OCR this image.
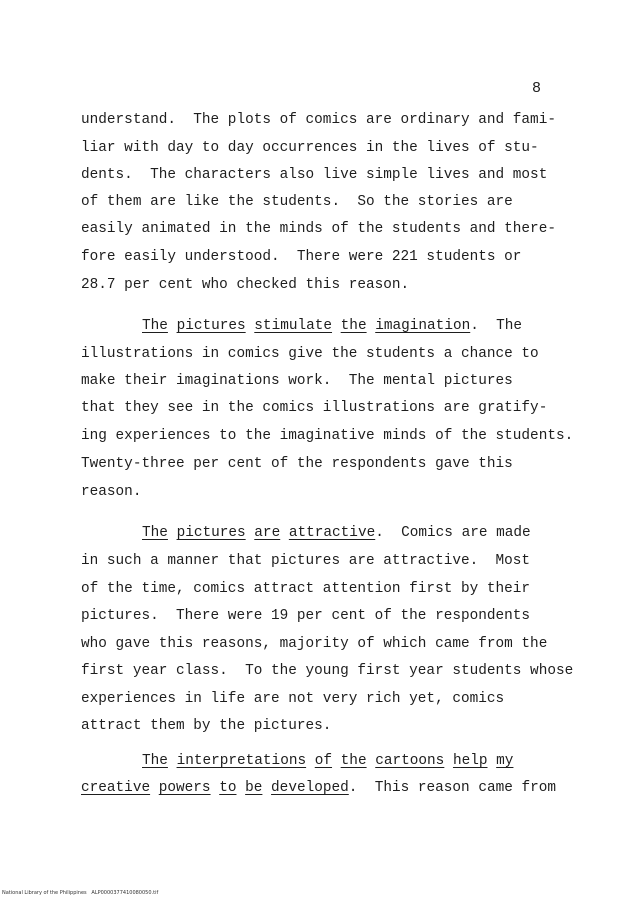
8
understand.  The plots of comics are ordinary and fami-
liar with day to day occurrences in the lives of stu-
dents.  The characters also live simple lives and most
of them are like the students.  So the stories are
easily animated in the minds of the students and there-
fore easily understood.  There were 221 students or
28.7 per cent who checked this reason.
The pictures stimulate the imagination.  The
illustrations in comics give the students a chance to
make their imaginations work.  The mental pictures
that they see in the comics illustrations are gratify-
ing experiences to the imaginative minds of the students.
Twenty-three per cent of the respondents gave this
reason.
The pictures are attractive.  Comics are made
in such a manner that pictures are attractive.  Most
of the time, comics attract attention first by their
pictures.  There were 19 per cent of the respondents
who gave this reasons, majority of which came from the
first year class.  To the young first year students whose
experiences in life are not very rich yet, comics
attract them by the pictures.
The interpretations of the cartoons help my
creative powers to be developed.  This reason came from
National Library of the Philippines   ALP0000377410080050.tif
